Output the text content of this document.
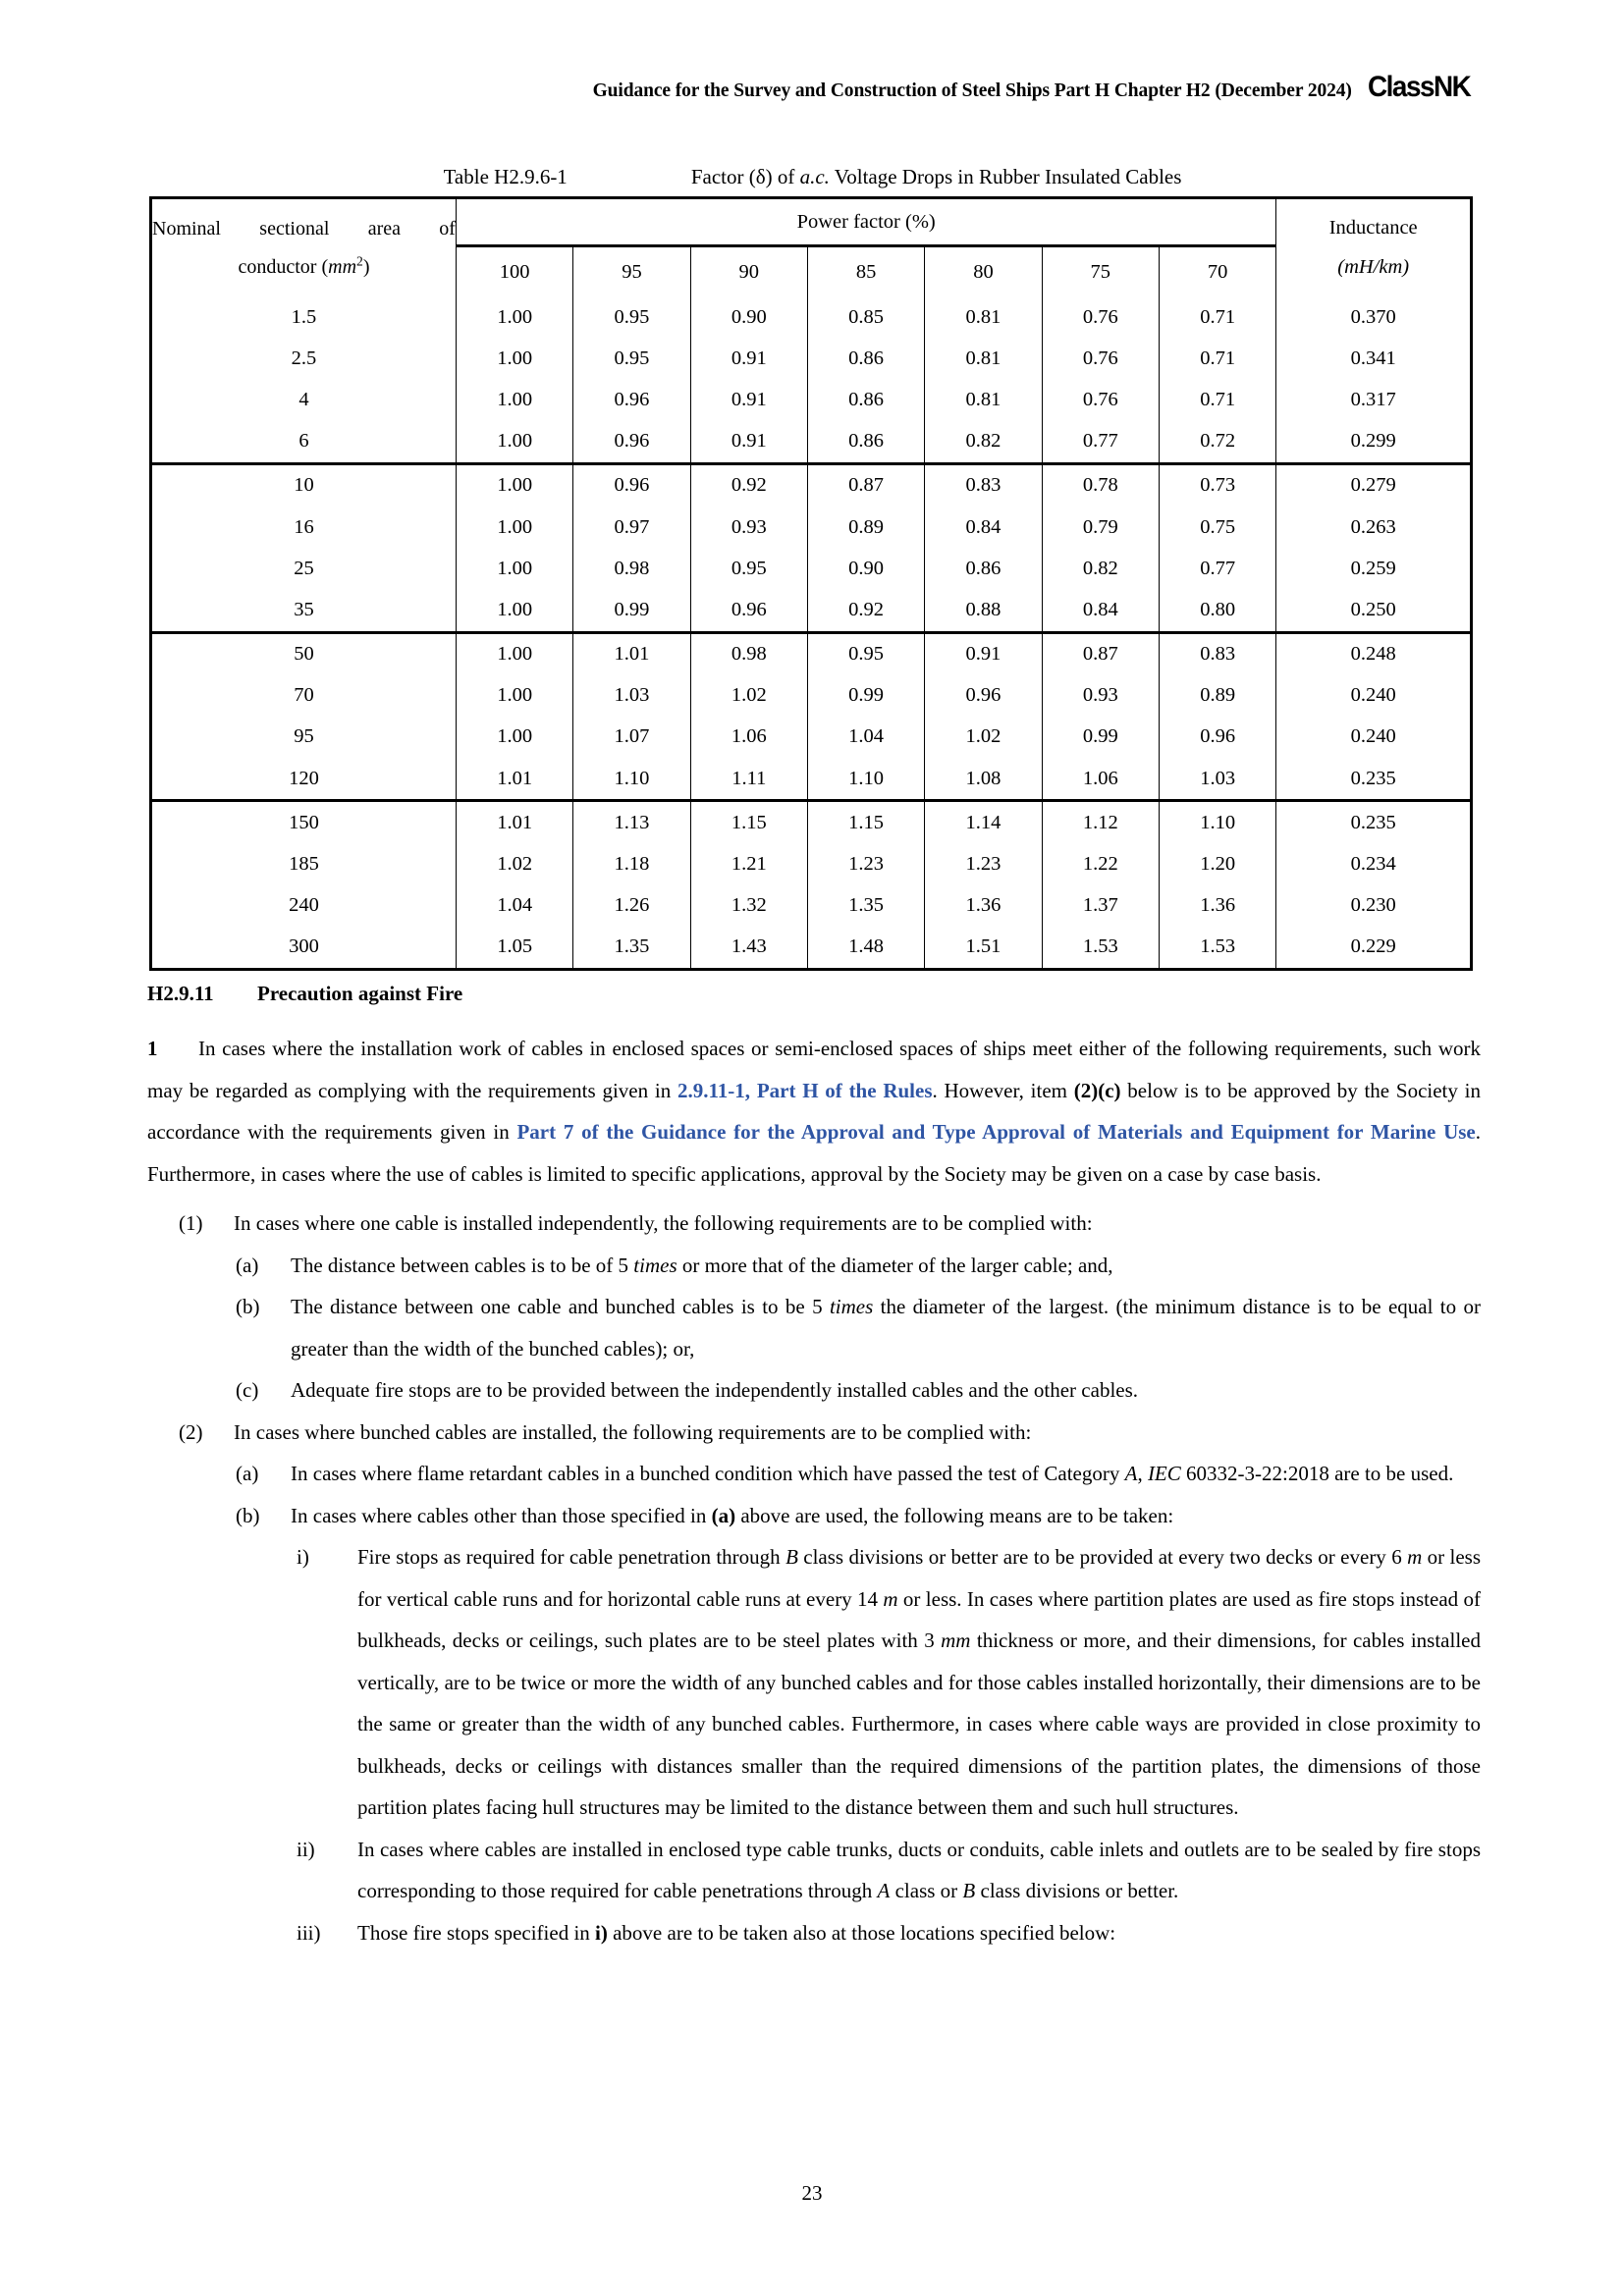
Guidance for the Survey and Construction of Steel Ships Part H Chapter H2 (December 2024) ClassNK
Table H2.9.6-1	Factor (δ) of a.c. Voltage Drops in Rubber Insulated Cables
Nominal sectional area of
conductor $(mm^2)$	Power factor (%)							Inductance
(mH/km)

	100	95	90	85	80	75	70	
1.5	1.00	0.95	0.90	0.85	0.81	0.76	0.71	0.370
2.5	1.00	0.95	0.91	0.86	0.81	0.76	0.71	0.341
4	1.00	0.96	0.91	0.86	0.81	0.76	0.71	0.317
6	1.00	0.96	0.91	0.86	0.82	0.77	0.72	0.299
10	1.00	0.96	0.92	0.87	0.83	0.78	0.73	0.279
16	1.00	0.97	0.93	0.89	0.84	0.79	0.75	0.263
25	1.00	0.98	0.95	0.90	0.86	0.82	0.77	0.259
35	1.00	0.99	0.96	0.92	0.88	0.84	0.80	0.250
50	1.00	1.01	0.98	0.95	0.91	0.87	0.83	0.248
70	1.00	1.03	1.02	0.99	0.96	0.93	0.89	0.240
95	1.00	1.07	1.06	1.04	1.02	0.99	0.96	0.240
120	1.01	1.10	1.11	1.10	1.08	1.06	1.03	0.235
150	1.01	1.13	1.15	1.15	1.14	1.12	1.10	0.235
185	1.02	1.18	1.21	1.23	1.23	1.22	1.20	0.234
240	1.04	1.26	1.32	1.35	1.36	1.37	1.36	0.230
300	1.05	1.35	1.43	1.48	1.51	1.53	1.53	0.229
H2.9.11 Precaution against Fire

1 In cases where the installation work of cables in enclosed spaces or semi-enclosed spaces of ships meet either of the following requirements, such work may be regarded as complying with the requirements given in 2.9.11-1, Part H of the Rules. However, item (2)(c) below is to be approved by the Society in accordance with the requirements given in Part 7 of the Guidance for the Approval and Type Approval of Materials and Equipment for Marine Use. Furthermore, in cases where the use of cables is limited to specific applications, approval by the Society may be given on a case by case basis.

(1)	In cases where one cable is installed independently, the following requirements are to be complied with:
(a)	The distance between cables is to be of 5 times or more that of the diameter of the larger cable; and,
(b)	The distance between one cable and bunched cables is to be 5 times the diameter of the largest. (the minimum distance is to be equal to or greater than the width of the bunched cables); or,
(c)	Adequate fire stops are to be provided between the independently installed cables and the other cables.
(2)	In cases where bunched cables are installed, the following requirements are to be complied with:
(a)	In cases where flame retardant cables in a bunched condition which have passed the test of Category A, IEC 60332-3-22:2018 are to be used.
(b)	In cases where cables other than those specified in (a) above are used, the following means are to be taken:
i)	Fire stops as required for cable penetration through B class divisions or better are to be provided at every two decks or every 6 m or less for vertical cable runs and for horizontal cable runs at every 14 m or less. In cases where partition plates are used as fire stops instead of bulkheads, decks or ceilings, such plates are to be steel plates with 3 mm thickness or more, and their dimensions, for cables installed vertically, are to be twice or more the width of any bunched cables and for those cables installed horizontally, their dimensions are to be the same or greater than the width of any bunched cables. Furthermore, in cases where cable ways are provided in close proximity to bulkheads, decks or ceilings with distances smaller than the required dimensions of the partition plates, the dimensions of those partition plates facing hull structures may be limited to the distance between them and such hull structures.
ii)	In cases where cables are installed in enclosed type cable trunks, ducts or conduits, cable inlets and outlets are to be sealed by fire stops corresponding to those required for cable penetrations through A class or B class divisions or better.
iii)	Those fire stops specified in i) above are to be taken also at those locations specified below:
23
